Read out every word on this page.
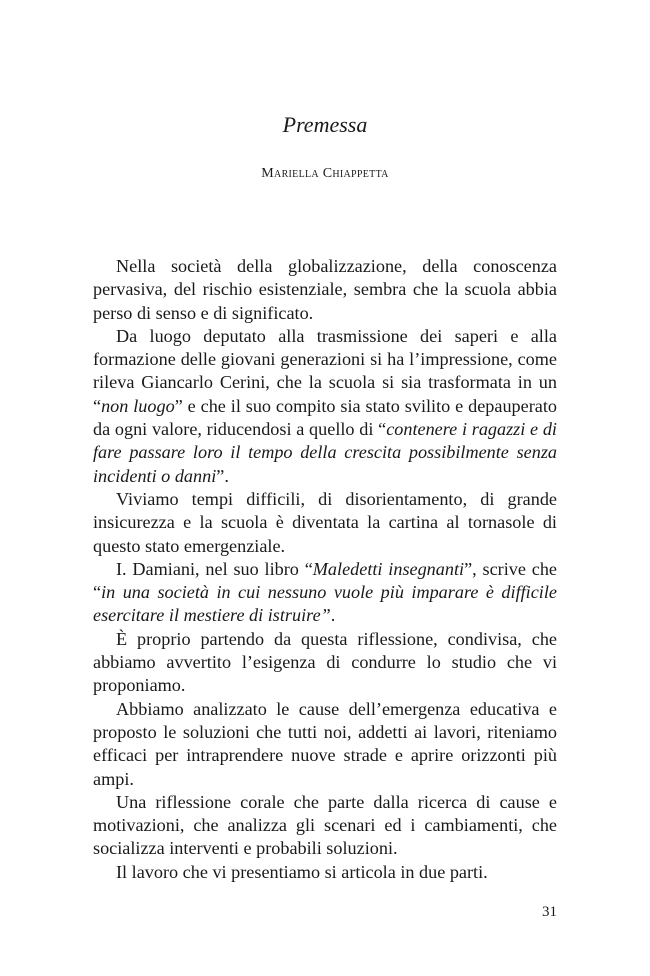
Premessa
Mariella Chiappetta

Nella società della globalizzazione, della conoscenza pervasiva, del rischio esistenziale, sembra che la scuola abbia perso di senso e di significato.

Da luogo deputato alla trasmissione dei saperi e alla formazione delle giovani generazioni si ha l’impressione, come rileva Giancarlo Cerini, che la scuola si sia trasformata in un “non luogo” e che il suo compito sia stato svilito e depauperato da ogni valore, riducendosi a quello di “contenere i ragazzi e di fare passare loro il tempo della crescita possibilmente senza incidenti o danni”.

Viviamo tempi difficili, di disorientamento, di grande insicurezza e la scuola è diventata la cartina al tornasole di questo stato emergenziale.

I. Damiani, nel suo libro “Maledetti insegnanti”, scrive che “in una società in cui nessuno vuole più imparare è difficile esercitare il mestiere di istruire”.

È proprio partendo da questa riflessione, condivisa, che abbiamo avvertito l’esigenza di condurre lo studio che vi proponiamo.

Abbiamo analizzato le cause dell’emergenza educativa e proposto le soluzioni che tutti noi, addetti ai lavori, riteniamo efficaci per intraprendere nuove strade e aprire orizzonti più ampi.

Una riflessione corale che parte dalla ricerca di cause e motivazioni, che analizza gli scenari ed i cambiamenti, che socializza interventi e probabili soluzioni.

Il lavoro che vi presentiamo si articola in due parti.

31
